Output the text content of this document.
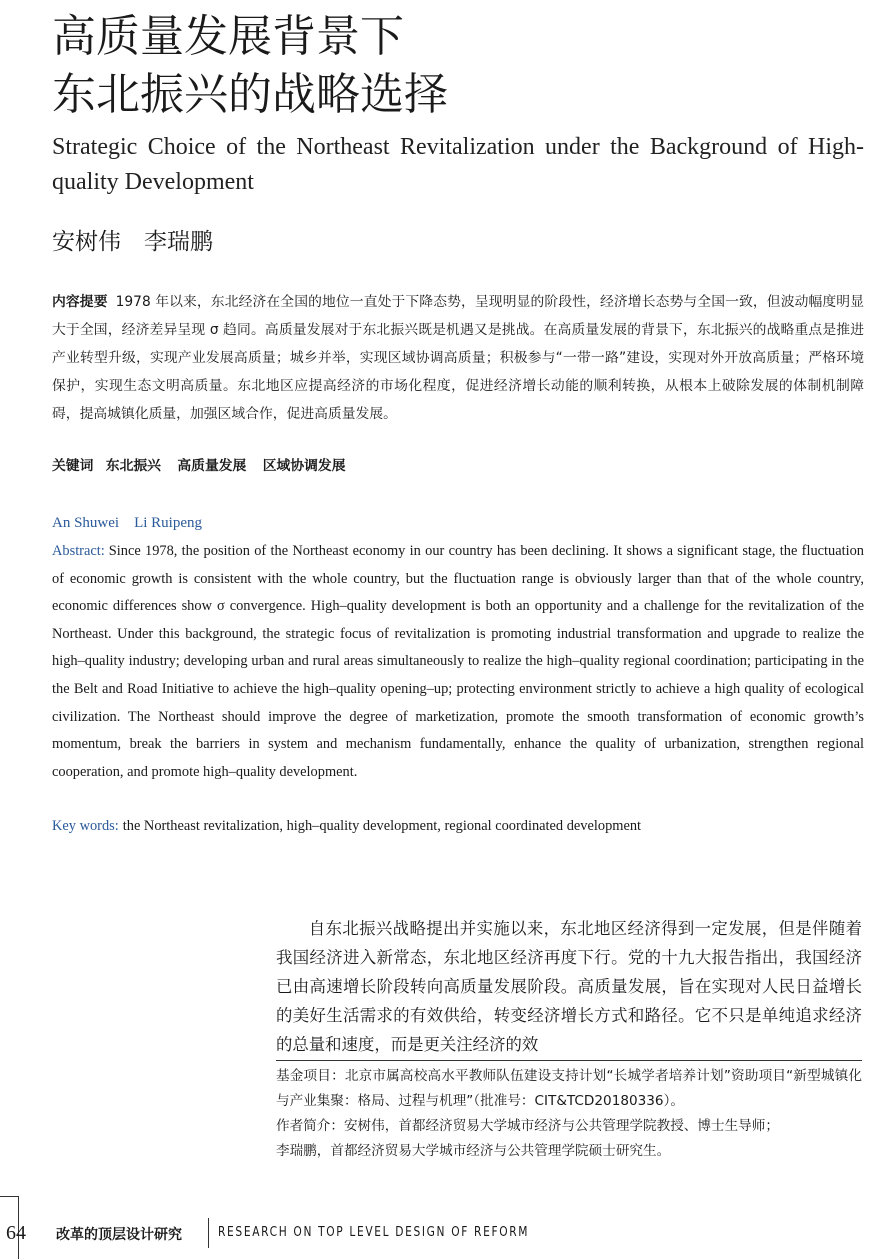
高质量发展背景下
东北振兴的战略选择

Strategic Choice of the Northeast Revitalization under the Background of High-quality Development

安树伟　李瑞鹏
内容提要 1978 年以来，东北经济在全国的地位一直处于下降态势，呈现明显的阶段性，经济增长态势与全国一致，但波动幅度明显大于全国，经济差异呈现 σ 趋同。高质量发展对于东北振兴既是机遇又是挑战。在高质量发展的背景下，东北振兴的战略重点是推进产业转型升级，实现产业发展高质量；城乡并举，实现区域协调高质量；积极参与“一带一路”建设，实现对外开放高质量；严格环境保护，实现生态文明高质量。东北地区应提高经济的市场化程度，促进经济增长动能的顺利转换，从根本上破除发展的体制机制障碍，提高城镇化质量，加强区域合作，促进高质量发展。
关键词 东北振兴 高质量发展 区域协调发展
An Shuwei　Li Ruipeng
Abstract: Since 1978, the position of the Northeast economy in our country has been declining. It shows a significant stage, the fluctuation of economic growth is consistent with the whole country, but the fluctuation range is obviously larger than that of the whole country, economic differences show σ convergence. High–quality development is both an opportunity and a challenge for the revitalization of the Northeast. Under this background, the strategic focus of revitalization is promoting industrial transformation and upgrade to realize the high–quality industry; developing urban and rural areas simultaneously to realize the high–quality regional coordination; participating in the the Belt and Road Initiative to achieve the high–quality opening–up; protecting environment strictly to achieve a high quality of ecological civilization. The Northeast should improve the degree of marketization, promote the smooth transformation of economic growth’s momentum, break the barriers in system and mechanism fundamentally, enhance the quality of urbanization, strengthen regional cooperation, and promote high–quality development.
Key words: the Northeast revitalization, high–quality development, regional coordinated development
自东北振兴战略提出并实施以来，东北地区经济得到一定发展，但是伴随着我国经济进入新常态，东北地区经济再度下行。党的十九大报告指出，我国经济已由高速增长阶段转向高质量发展阶段。高质量发展，旨在实现对人民日益增长的美好生活需求的有效供给，转变经济增长方式和路径。它不只是单纯追求经济的总量和速度，而是更关注经济的效

基金项目：北京市属高校高水平教师队伍建设支持计划“长城学者培养计划”资助项目“新型城镇化与产业集聚：格局、过程与机理”（批准号：CIT&TCD20180336）。

作者简介：安树伟，首都经济贸易大学城市经济与公共管理学院教授、博士生导师；

李瑞鹏，首都经济贸易大学城市经济与公共管理学院硕士研究生。

64 改革的顶层设计研究	RESEARCH ON TOP LEVEL DESIGN OF REFORM
